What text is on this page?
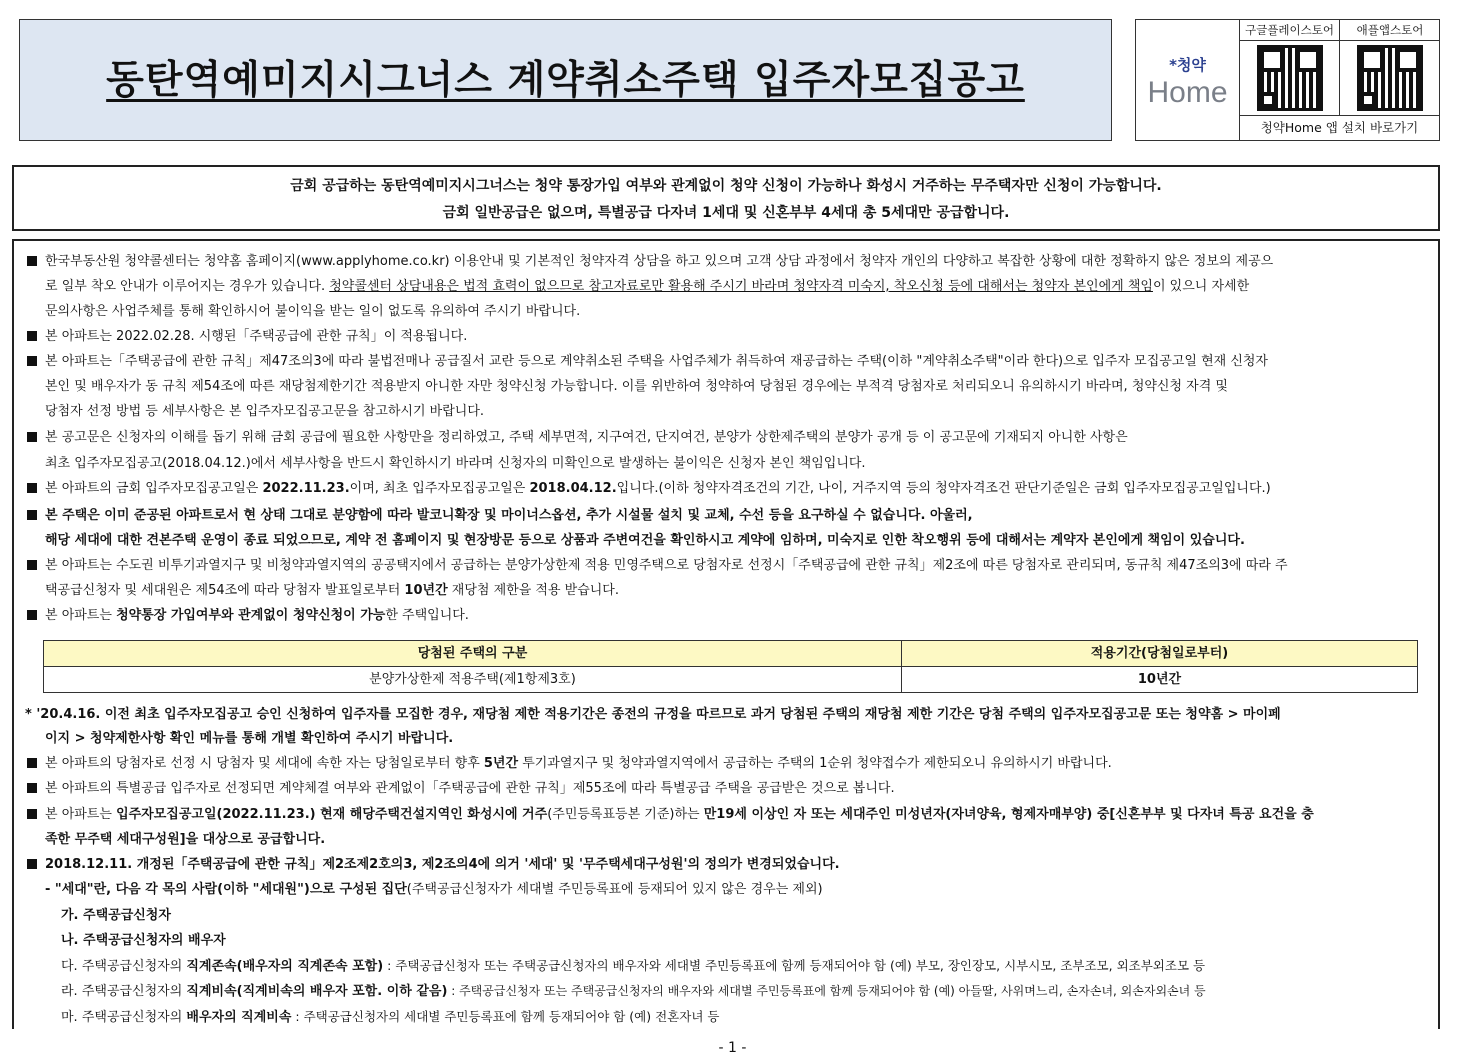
동탄역예미지시그너스 계약취소주택 입주자모집공고	*청약
Home
구글플레이스토어	애플앱스토어
청약Home 앱 설치 바로가기
금회 공급하는 동탄역예미지시그너스는 청약 통장가입 여부와 관계없이 청약 신청이 가능하나 화성시 거주하는 무주택자만 신청이 가능합니다.
금회 일반공급은 없으며, 특별공급 다자녀 1세대 및 신혼부부 4세대 총 5세대만 공급합니다.
한국부동산원 청약콜센터는 청약홈 홈페이지(www.applyhome.co.kr) 이용안내 및 기본적인 청약자격 상담을 하고 있으며 고객 상담 과정에서 청약자 개인의 다양하고 복잡한 상황에 대한 정확하지 않은 정보의 제공으
로 일부 착오 안내가 이루어지는 경우가 있습니다. 청약콜센터 상담내용은 법적 효력이 없으므로 참고자료로만 활용해 주시기 바라며 청약자격 미숙지, 착오신청 등에 대해서는 청약자 본인에게 책임이 있으니 자세한
문의사항은 사업주체를 통해 확인하시어 불이익을 받는 일이 없도록 유의하여 주시기 바랍니다.
본 아파트는 2022.02.28. 시행된「주택공급에 관한 규칙」이 적용됩니다.
본 아파트는「주택공급에 관한 규칙」제47조의3에 따라 불법전매나 공급질서 교란 등으로 계약취소된 주택을 사업주체가 취득하여 재공급하는 주택(이하 "계약취소주택"이라 한다)으로 입주자 모집공고일 현재 신청자
본인 및 배우자가 동 규칙 제54조에 따른 재당첨제한기간 적용받지 아니한 자만 청약신청 가능합니다. 이를 위반하여 청약하여 당첨된 경우에는 부적격 당첨자로 처리되오니 유의하시기 바라며, 청약신청 자격 및
당첨자 선정 방법 등 세부사항은 본 입주자모집공고문을 참고하시기 바랍니다.
본 공고문은 신청자의 이해를 돕기 위해 금회 공급에 필요한 사항만을 정리하였고, 주택 세부면적, 지구여건, 단지여건, 분양가 상한제주택의 분양가 공개 등 이 공고문에 기재되지 아니한 사항은
최초 입주자모집공고(2018.04.12.)에서 세부사항을 반드시 확인하시기 바라며 신청자의 미확인으로 발생하는 불이익은 신청자 본인 책임입니다.
본 아파트의 금회 입주자모집공고일은 2022.11.23.이며, 최초 입주자모집공고일은 2018.04.12.입니다.(이하 청약자격조건의 기간, 나이, 거주지역 등의 청약자격조건 판단기준일은 금회 입주자모집공고일입니다.)
본 주택은 이미 준공된 아파트로서 현 상태 그대로 분양함에 따라 발코니확장 및 마이너스옵션, 추가 시설물 설치 및 교체, 수선 등을 요구하실 수 없습니다. 아울러,
해당 세대에 대한 견본주택 운영이 종료 되었으므로, 계약 전 홈페이지 및 현장방문 등으로 상품과 주변여건을 확인하시고 계약에 임하며, 미숙지로 인한 착오행위 등에 대해서는 계약자 본인에게 책임이 있습니다.
본 아파트는 수도권 비투기과열지구 및 비청약과열지역의 공공택지에서 공급하는 분양가상한제 적용 민영주택으로 당첨자로 선정시「주택공급에 관한 규칙」제2조에 따른 당첨자로 관리되며, 동규칙 제47조의3에 따라 주
택공급신청자 및 세대원은 제54조에 따라 당첨자 발표일로부터 10년간 재당첨 제한을 적용 받습니다.
본 아파트는 청약통장 가입여부와 관계없이 청약신청이 가능한 주택입니다.
당첨된 주택의 구분	적용기간(당첨일로부터)
분양가상한제 적용주택(제1항제3호)	10년간
* '20.4.16. 이전 최초 입주자모집공고 승인 신청하여 입주자를 모집한 경우, 재당첨 제한 적용기간은 종전의 규정을 따르므로 과거 당첨된 주택의 재당첨 제한 기간은 당첨 주택의 입주자모집공고문 또는 청약홈 > 마이페
이지 > 청약제한사항 확인 메뉴를 통해 개별 확인하여 주시기 바랍니다.
본 아파트의 당첨자로 선정 시 당첨자 및 세대에 속한 자는 당첨일로부터 향후 5년간 투기과열지구 및 청약과열지역에서 공급하는 주택의 1순위 청약접수가 제한되오니 유의하시기 바랍니다.
본 아파트의 특별공급 입주자로 선정되면 계약체결 여부와 관계없이「주택공급에 관한 규칙」제55조에 따라 특별공급 주택을 공급받은 것으로 봅니다.
본 아파트는 입주자모집공고일(2022.11.23.) 현재 해당주택건설지역인 화성시에 거주(주민등록표등본 기준)하는 만19세 이상인 자 또는 세대주인 미성년자(자녀양육, 형제자매부양) 중[신혼부부 및 다자녀 특공 요건을 충
족한 무주택 세대구성원]을 대상으로 공급합니다.
2018.12.11. 개정된「주택공급에 관한 규칙」제2조제2호의3, 제2조의4에 의거 '세대' 및 '무주택세대구성원'의 정의가 변경되었습니다.
- "세대"란, 다음 각 목의 사람(이하 "세대원")으로 구성된 집단(주택공급신청자가 세대별 주민등록표에 등재되어 있지 않은 경우는 제외)
가. 주택공급신청자
나. 주택공급신청자의 배우자
다. 주택공급신청자의 직계존속(배우자의 직계존속 포함) : 주택공급신청자 또는 주택공급신청자의 배우자와 세대별 주민등록표에 함께 등재되어야 함 (예) 부모, 장인장모, 시부시모, 조부조모, 외조부외조모 등
라. 주택공급신청자의 직계비속(직계비속의 배우자 포함. 이하 같음) : 주택공급신청자 또는 주택공급신청자의 배우자와 세대별 주민등록표에 함께 등재되어야 함 (예) 아들딸, 사위며느리, 손자손녀, 외손자외손녀 등
마. 주택공급신청자의 배우자의 직계비속 : 주택공급신청자의 세대별 주민등록표에 함께 등재되어야 함 (예) 전혼자녀 등
- 1 -
